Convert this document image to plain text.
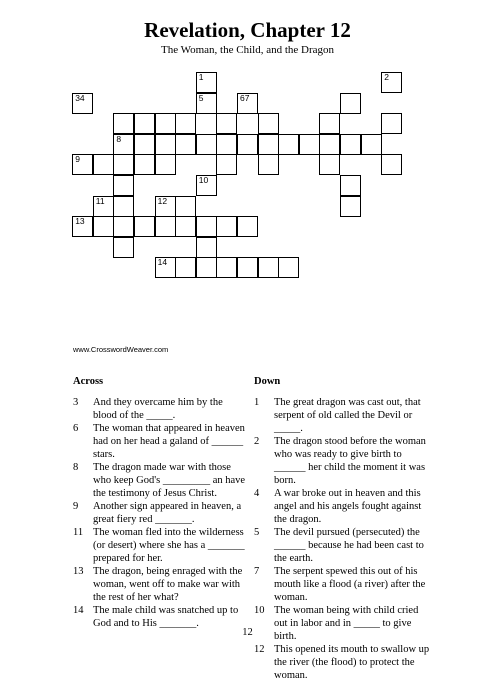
Revelation, Chapter 12
The Woman, the Child, and the Dragon
1	2
34	5	67
8
9
10
11	12
13
14
www.CrosswordWeaver.com
Across	Down
3 And they overcame him by the blood of the _____.
6 The woman that appeared in heaven had on her head a galand of ______ stars.
8 The dragon made war with those who keep God's _________ an have the testimony of Jesus Christ.
9 Another sign appeared in heaven, a great fiery red _______.
11 The woman fled into the wilderness (or desert) where she has a _______ prepared for her.
13 The dragon, being enraged with the woman, went off to make war with the rest of her what?
14 The male child was snatched up to God and to His _______.
1 The great dragon was cast out, that serpent of old called the Devil or _____.
2 The dragon stood before the woman who was ready to give birth to ______ her child the moment it was born.
4 A war broke out in heaven and this angel and his angels fought against the dragon.
5 The devil pursued (persecuted) the ______ because he had been cast to the earth.
7 The serpent spewed this out of his mouth like a flood (a river) after the woman.
10 The woman being with child cried out in labor and in _____ to give birth.
12 This opened its mouth to swallow up the river (the flood) to protect the woman.
12
